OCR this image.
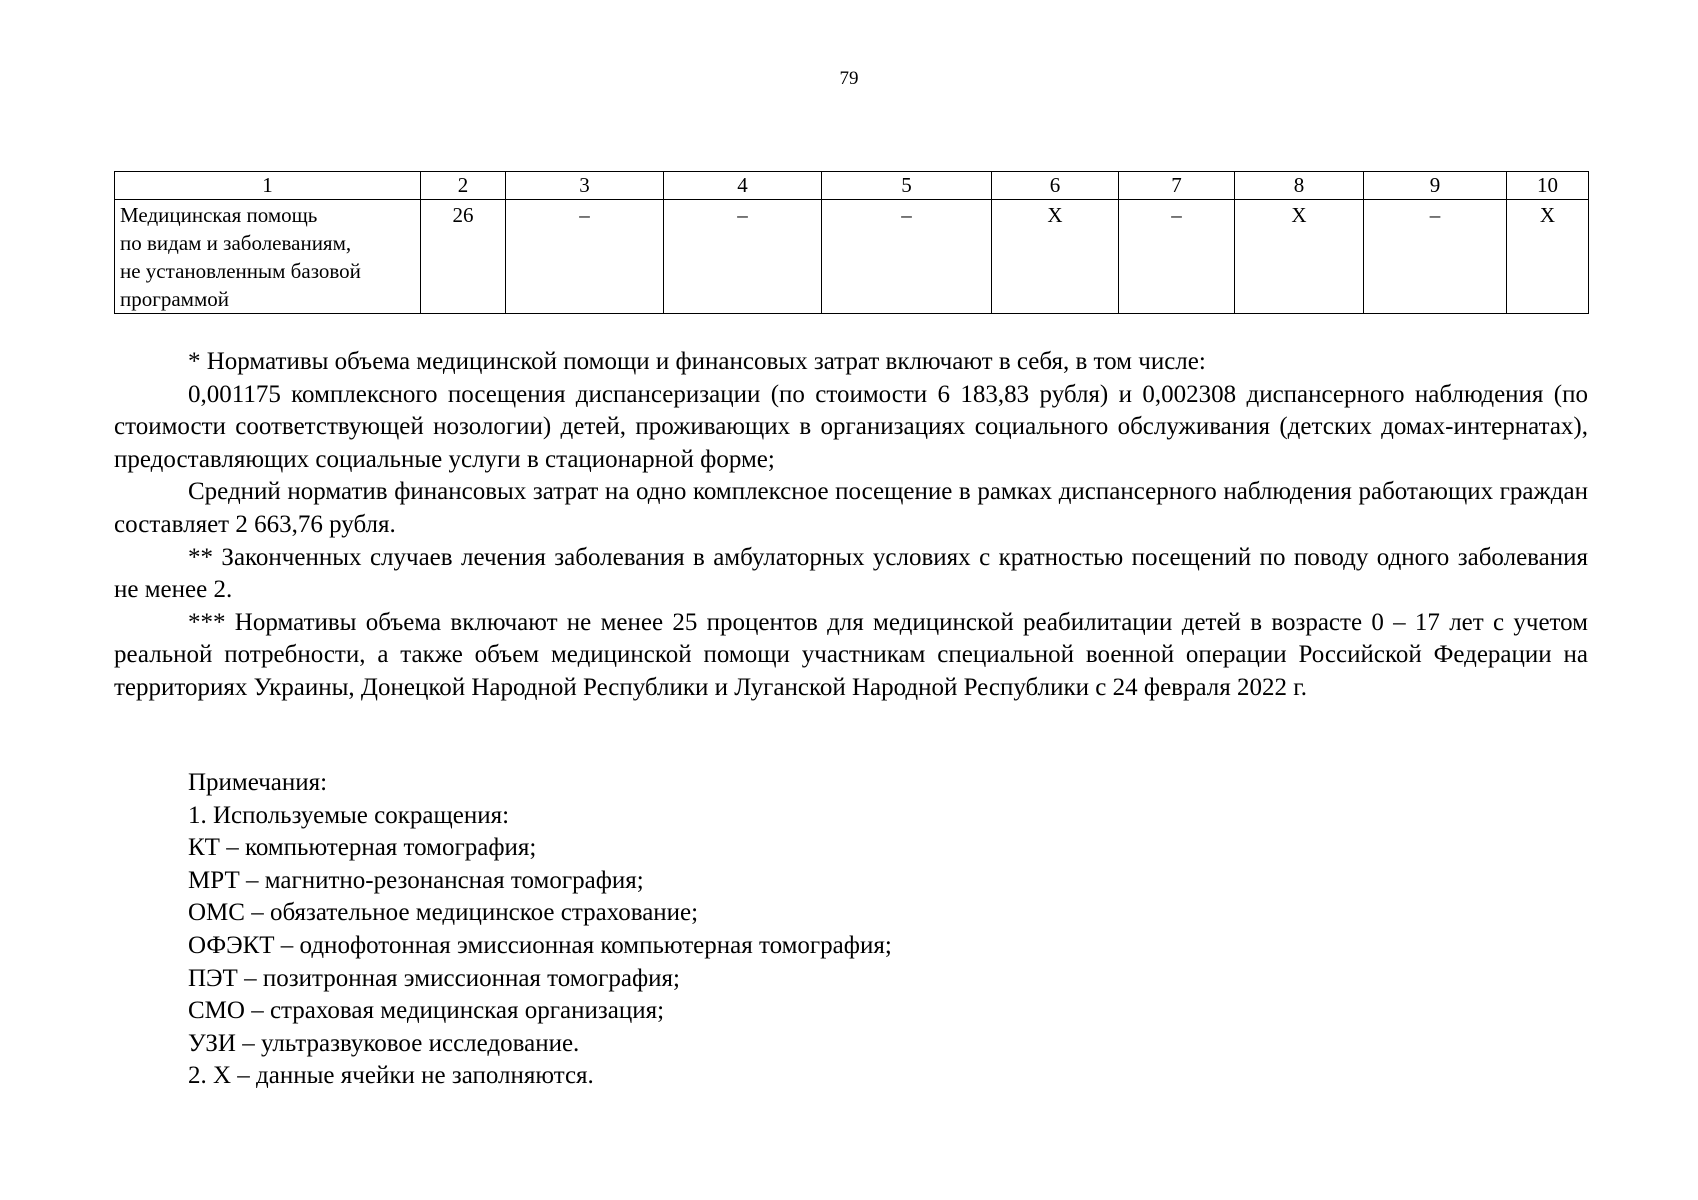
79
1	2	3	4	5	6	7	8	9	10

Медицинская помощь
по видам и заболеваниям,
не установленным базовой
программой	26	–	–	–	X	–	X	–	X

* Нормативы объема медицинской помощи и финансовых затрат включают в себя, в том числе:

0,001175 комплексного посещения диспансеризации (по стоимости 6 183,83 рубля) и 0,002308 диспансерного наблюдения (по стоимости соответствующей нозологии) детей, проживающих в организациях социального обслуживания (детских домах-интернатах), предоставляющих социальные услуги в стационарной форме;

Средний норматив финансовых затрат на одно комплексное посещение в рамках диспансерного наблюдения работающих граждан составляет 2 663,76 рубля.

** Законченных случаев лечения заболевания в амбулаторных условиях с кратностью посещений по поводу одного заболевания не менее 2.

*** Нормативы объема включают не менее 25 процентов для медицинской реабилитации детей в возрасте 0 – 17 лет с учетом реальной потребности, а также объем медицинской помощи участникам специальной военной операции Российской Федерации на территориях Украины, Донецкой Народной Республики и Луганской Народной Республики с 24 февраля 2022 г.

Примечания:
1. Используемые сокращения:
КТ – компьютерная томография;
МРТ – магнитно-резонансная томография;
ОМС – обязательное медицинское страхование;
ОФЭКТ – однофотонная эмиссионная компьютерная томография;
ПЭТ – позитронная эмиссионная томография;
СМО – страховая медицинская организация;
УЗИ – ультразвуковое исследование.
2. Х – данные ячейки не заполняются.
